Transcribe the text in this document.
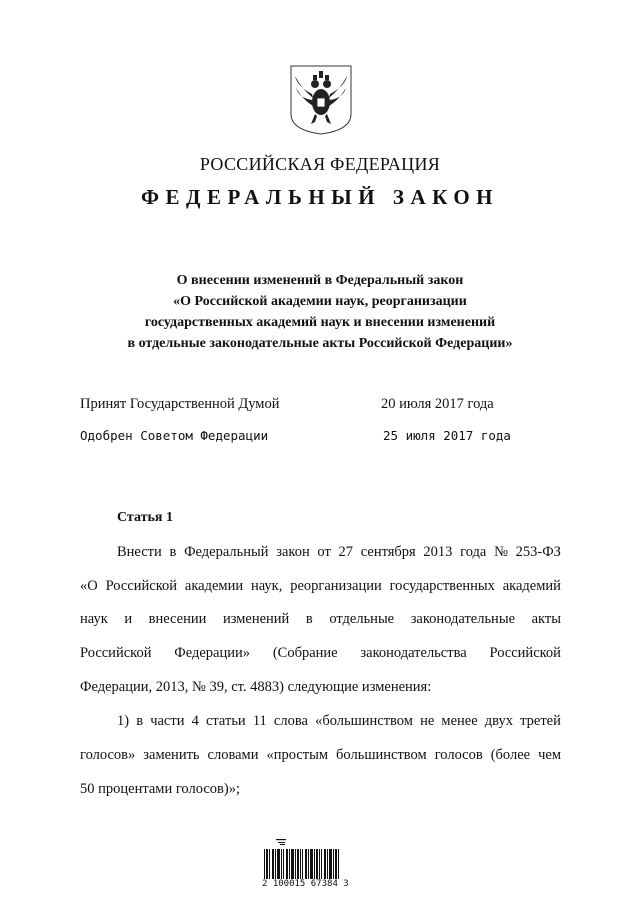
РОССИЙСКАЯ ФЕДЕРАЦИЯ
ФЕДЕРАЛЬНЫЙ ЗАКОН
О внесении изменений в Федеральный закон
«О Российской академии наук, реорганизации
государственных академий наук и внесении изменений
в отдельные законодательные акты Российской Федерации»
Принят Государственной Думой	20 июля 2017 года
Одобрен Советом Федерации	25 июля 2017 года
Статья 1
Внести в Федеральный закон от 27 сентября 2013 года № 253-ФЗ
«О Российской академии наук, реорганизации государственных академий
наук и внесении изменений в отдельные законодательные акты
Российской Федерации» (Собрание законодательства Российской
Федерации, 2013, № 39, ст. 4883) следующие изменения:
1) в части 4 статьи 11 слова «большинством не менее двух третей
голосов» заменить словами «простым большинством голосов (более чем
50 процентами голосов)»;
2 100015 67384 3
